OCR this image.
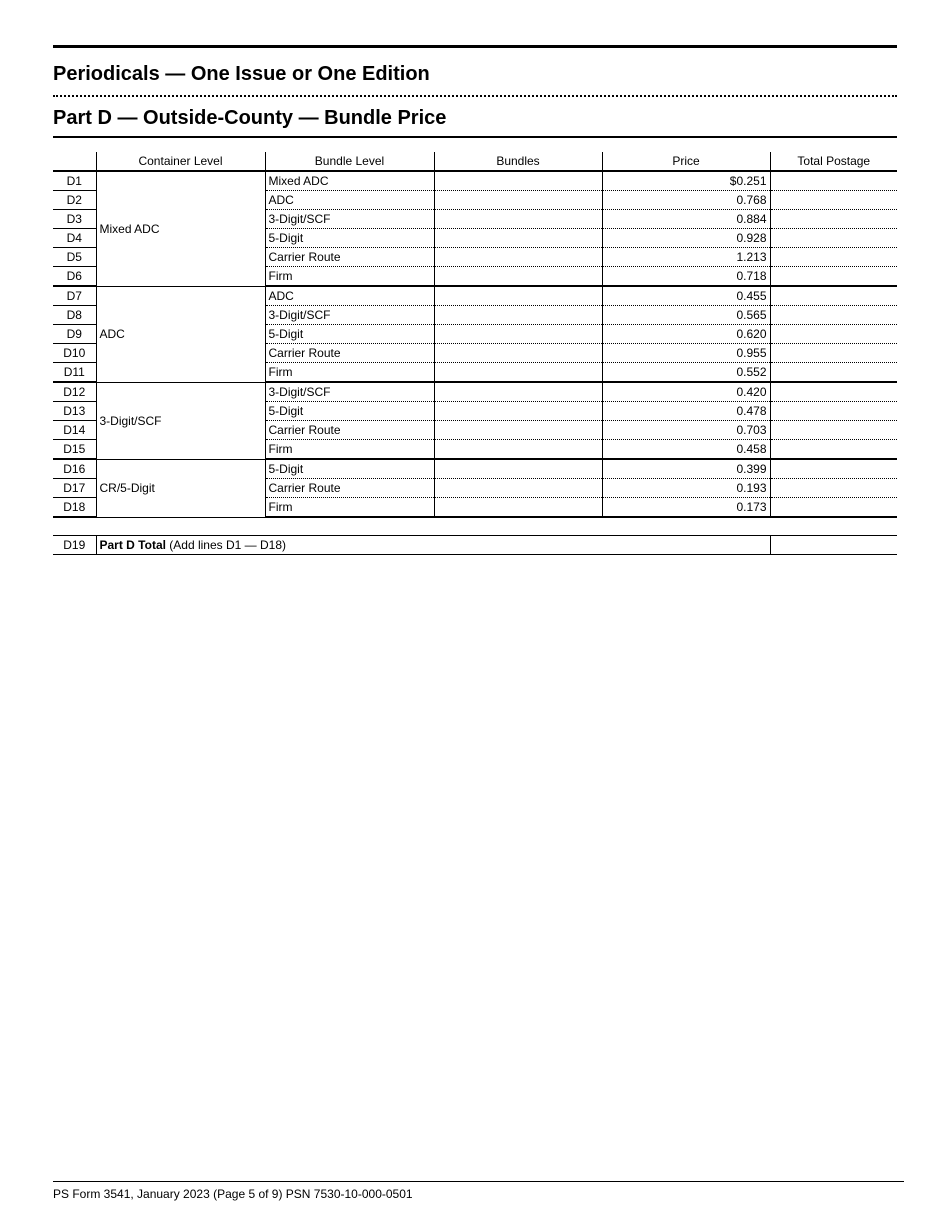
Periodicals — One Issue or One Edition
Part D — Outside-County — Bundle Price
	Container Level	Bundle Level	Bundles	Price	Total Postage
D1	Mixed ADC	Mixed ADC		$0.251	
D2		ADC		0.768	
D3		3-Digit/SCF		0.884	
D4		5-Digit		0.928	
D5		Carrier Route		1.213	
D6		Firm		0.718	
D7	ADC	ADC		0.455	
D8		3-Digit/SCF		0.565	
D9		5-Digit		0.620	
D10		Carrier Route		0.955	
D11		Firm		0.552	
D12	3-Digit/SCF	3-Digit/SCF		0.420	
D13		5-Digit		0.478	
D14		Carrier Route		0.703	
D15		Firm		0.458	
D16	CR/5-Digit	5-Digit		0.399	
D17		Carrier Route		0.193	
D18		Firm		0.173	
D19	Part D Total (Add lines D1 — D18)	
PS Form 3541, January 2023 (Page 5 of 9) PSN 7530-10-000-0501
